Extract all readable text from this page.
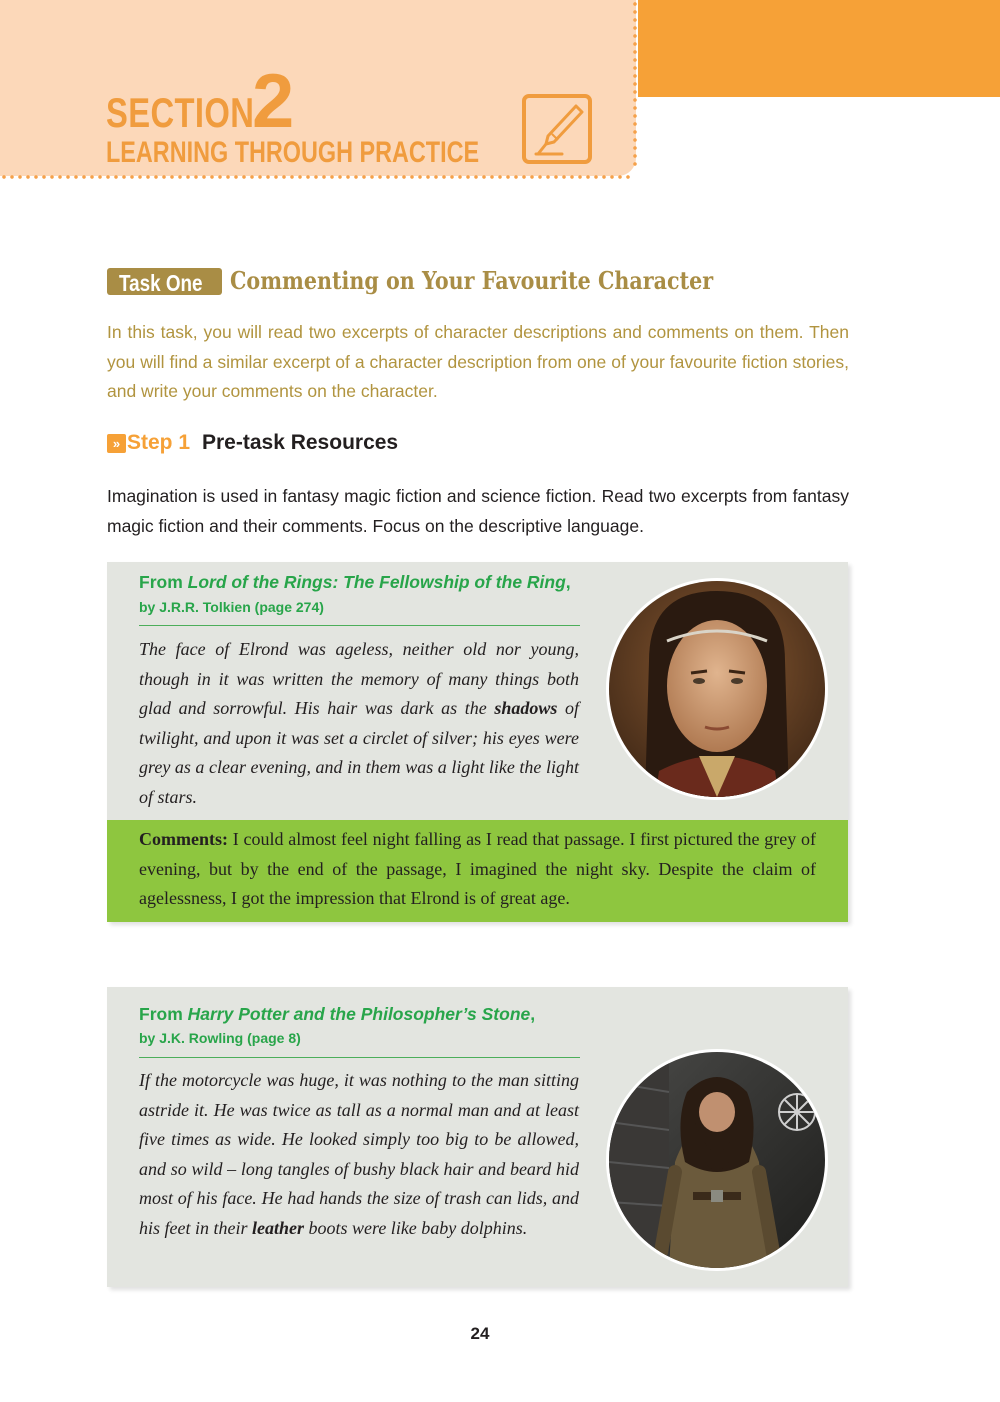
SECTION
2
LEARNING THROUGH PRACTICE
Task One Commenting on Your Favourite Character
In this task, you will read two excerpts of character descriptions and comments on them. Then you will find a similar excerpt of a character description from one of your favourite fiction stories, and write your comments on the character.
» Step 1 Pre-task Resources
Imagination is used in fantasy magic fiction and science fiction. Read two excerpts from fantasy magic fiction and their comments. Focus on the descriptive language.
From Lord of the Rings: The Fellowship of the Ring,
by J.R.R. Tolkien (page 274)

The face of Elrond was ageless, neither old nor young, though in it was written the memory of many things both glad and sorrowful. His hair was dark as the shadows of twilight, and upon it was set a circlet of silver; his eyes were grey as a clear evening, and in them was a light like the light of stars.

Comments: I could almost feel night falling as I read that passage. I first pictured the grey of evening, but by the end of the passage, I imagined the night sky. Despite the claim of agelessness, I got the impression that Elrond is of great age.

From Harry Potter and the Philosopher’s Stone,
by J.K. Rowling (page 8)

If the motorcycle was huge, it was nothing to the man sitting astride it. He was twice as tall as a normal man and at least five times as wide. He looked simply too big to be allowed, and so wild – long tangles of bushy black hair and beard hid most of his face. He had hands the size of trash can lids, and his feet in their leather boots were like baby dolphins.

24
